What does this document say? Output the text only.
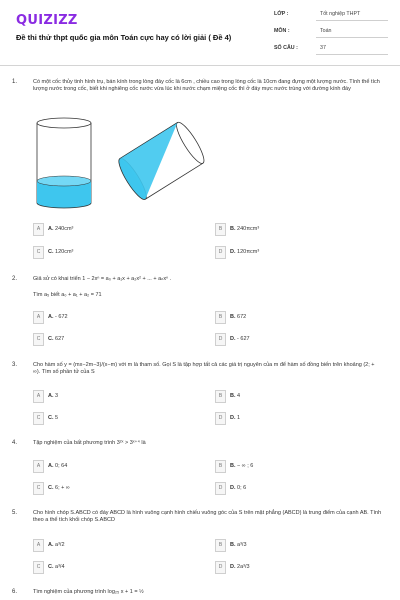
QUIZIZZ
Đề thi thử thpt quốc gia môn Toán cực hay có lời giải ( Đề 4)
LỚP :	Tốt nghiệp THPT
MÔN :	Toán
SỐ CÂU :	37
1.	Có một cốc thủy tinh hình trụ, bán kính trong lòng đáy cốc là 6cm , chiều cao trong lòng cốc là 10cm đang đựng một lượng nước. Tính thể tích lượng nước trong cốc, biết khi nghiêng cốc nước vừa lúc khi nước chạm miệng cốc thì ở đáy mực nước trùng với đường kính đáy
A	A. 240cm³	B	B. 240πcm³
C	C. 120cm³	D	D. 120πcm³
2.	Giả sử có khai triển 1 − 2xⁿ = a₀ + a₁x + a₂x² + ... + aₙxⁿ .
Tìm a₅ biết a₀ + a₁ + a₂ = 71
A	A. - 672	B	B. 672
C	C. 627	D	D. - 627
3.	Cho hàm số y = (mx−2m−3)/(x−m) với m là tham số. Gọi S là tập hợp tất cả các giá trị nguyên của m để hàm số đồng biến trên khoảng (2; + ∞). Tìm số phần tử của S
A	A. 3	B	B. 4
C	C. 5	D	D. 1
4.	Tập nghiệm của bất phương trình 3²ˣ > 3ˣ⁺⁴ là
A	A. 0; 64	B	B. − ∞ ; 6
C	C. 6; + ∞	D	D. 0; 6
5.	Cho hình chóp S.ABCD có đáy ABCD là hình vuông cạnh hình chiếu vuông góc của S trên mặt phẳng (ABCD) là trung điểm của cạnh AB. Tính theo a thể tích khối chóp S.ABCD
A	A. a³/2	B	B. a³/3
C	C. a³/4	D	D. 2a³/3
6.	Tìm nghiệm của phương trình log₂₅ x + 1 = ½
